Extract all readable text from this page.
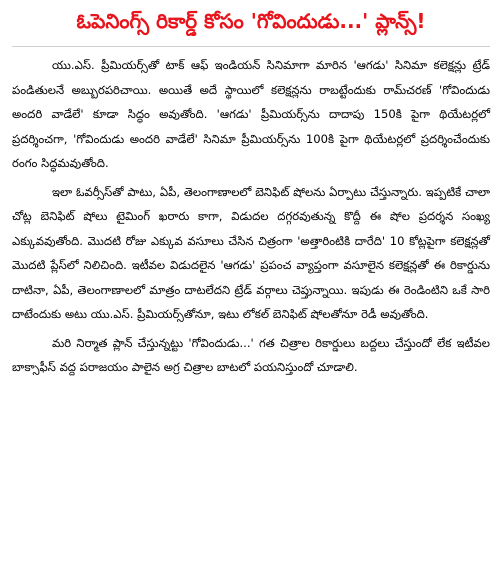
ఓపెనింగ్స్ రికార్డ్ కోసం 'గోవిందుడు...' ప్లాన్స్!

యు.ఎస్. ప్రీమియర్స్‌తో టాక్ ఆఫ్ ఇండియన్ సినిమాగా మారిన 'ఆగడు' సినిమా కలెక్షన్లు ట్రేడ్ పండితులనే అబ్బురపరిచాయి. అయితే అదే స్థాయిలో కలెక్షన్లను రాబట్టేందుకు రామ్‌చరణ్ 'గోవిందుడు అందరి వాడేలే' కూడా సిద్ధం అవుతోంది. 'ఆగడు' ప్రీమియర్స్‌ను దాదాపు 150కి పైగా థియేటర్లలో ప్రదర్శించగా, 'గోవిందుడు అందరి వాడేలే' సినిమా ప్రీమియర్స్‌ను 100కి పైగా థియేటర్లలో ప్రదర్శించేందుకు రంగం సిద్ధమవుతోంది.

ఇలా ఓవర్సీస్‌తో పాటు, ఏపీ, తెలంగాణాలలో బెనిఫిట్ షోలను ఏర్పాటు చేస్తున్నారు. ఇప్పటికే చాలా చోట్ల బెనిఫిట్ షోలు టైమింగ్ ఖరారు కాగా, విడుదల దగ్గరవుతున్న కొద్దీ ఈ షోల ప్రదర్శన సంఖ్య ఎక్కువవుతోంది. మొదటి రోజు ఎక్కువ వసూలు చేసిన చిత్రంగా 'అత్తారింటికి దారేది' 10 కోట్లపైగా కలెక్షన్లతో మొదటి ప్లేస్‌లో నిలిచింది. ఇటీవల విడుదలైన 'ఆగడు' ప్రపంచ వ్యాప్తంగా వసూలైన కలెక్షన్లతో ఈ రికార్డును దాటినా, ఏపీ, తెలంగాణాలలో మాత్రం దాటలేదని ట్రేడ్ వర్గాలు చెప్తున్నాయి. ఇపుడు ఈ రెండింటిని ఒకే సారి దాటేందుకు అటు యు.ఎస్. ప్రీమియర్స్‌తోనూ, ఇటు లోకల్ బెనిఫిట్ షోలతోనూ రెడీ అవుతోంది.

మరి నిర్మాత ప్లాన్ చేస్తున్నట్టు 'గోవిందుడు...' గత చిత్రాల రికార్డులు బద్దలు చేస్తుందో లేక ఇటీవల బాక్సాఫీస్ వద్ద పరాజయం పాలైన అగ్ర చిత్రాల బాటలో పయనిస్తుందో చూడాలి.
